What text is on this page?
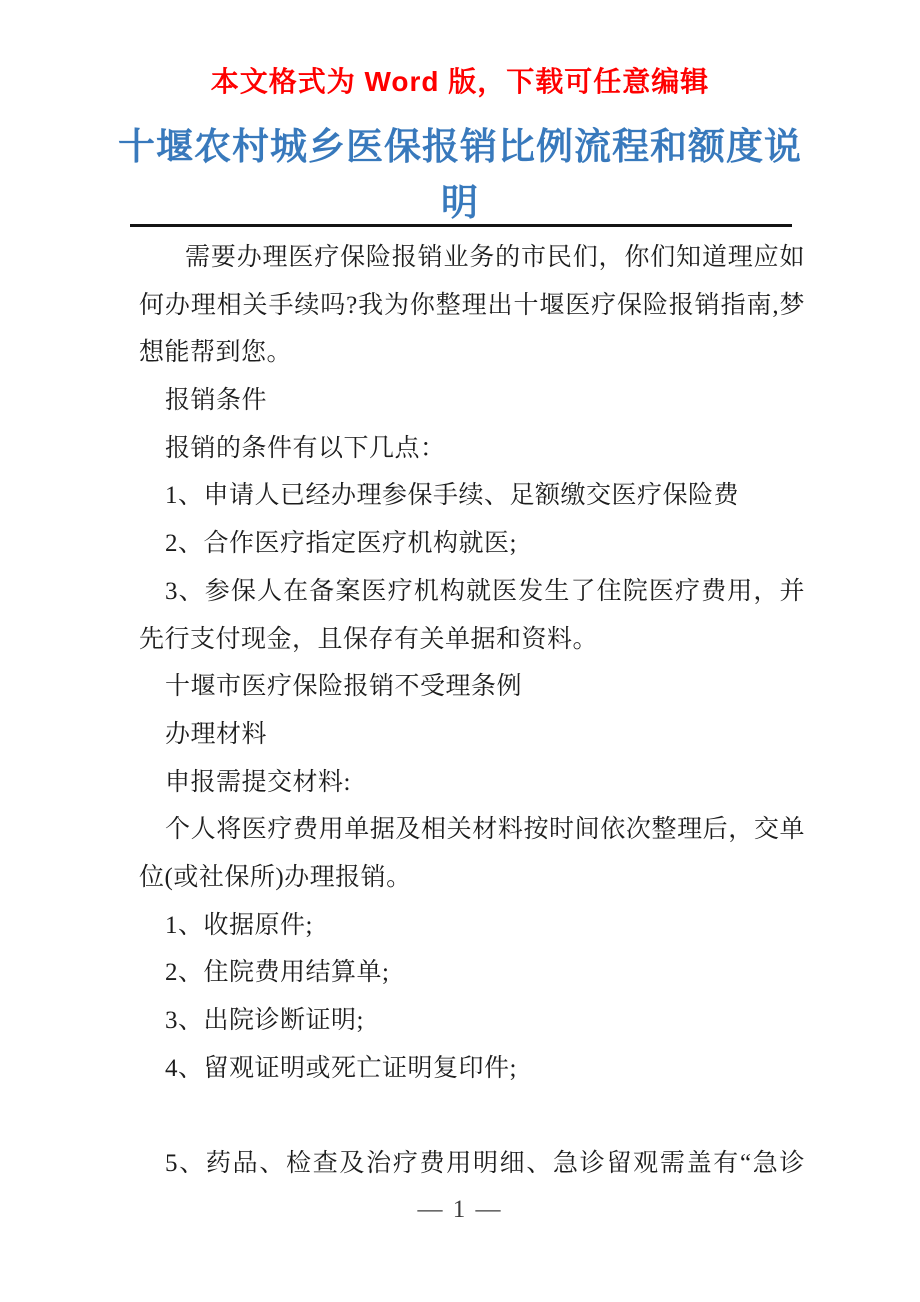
本文格式为 Word 版，下载可任意编辑
十堰农村城乡医保报销比例流程和额度说
明
需要办理医疗保险报销业务的市民们，你们知道理应如
何办理相关手续吗?我为你整理出十堰医疗保险报销指南,梦
想能帮到您。
报销条件
报销的条件有以下几点：
1、申请人已经办理参保手续、足额缴交医疗保险费
2、合作医疗指定医疗机构就医;
3、参保人在备案医疗机构就医发生了住院医疗费用，并
先行支付现金，且保存有关单据和资料。
十堰市医疗保险报销不受理条例
办理材料
申报需提交材料:
个人将医疗费用单据及相关材料按时间依次整理后，交单
位(或社保所)办理报销。
1、收据原件;
2、住院费用结算单;
3、出院诊断证明;
4、留观证明或死亡证明复印件;
5、药品、检查及治疗费用明细、急诊留观需盖有“急诊
— 1 —
